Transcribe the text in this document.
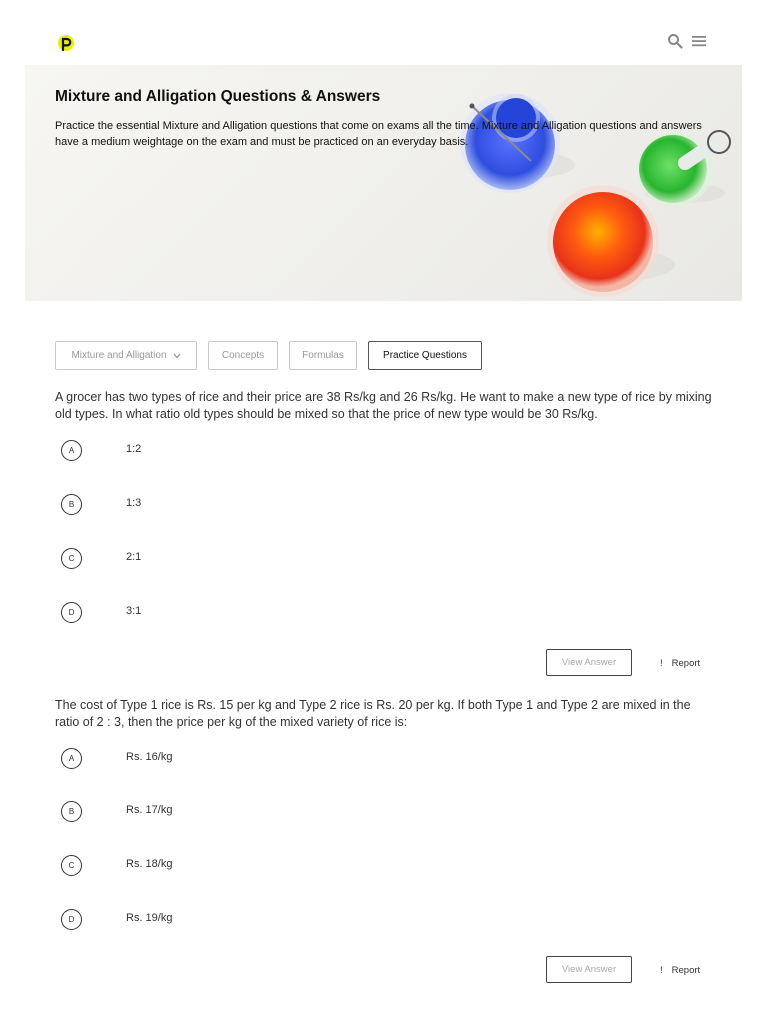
Mixture and Alligation Questions & Answers
Practice the essential Mixture and Alligation questions that come on exams all the time. Mixture and Alligation questions and answers have a medium weightage on the exam and must be practiced on an everyday basis.
Mixture and Alligation	Concepts	Formulas	Practice Questions
A grocer has two types of rice and their price are 38 Rs/kg and 26 Rs/kg. He want to make a new type of rice by mixing old types. In what ratio old types should be mixed so that the price of new type would be 30 Rs/kg.
A	1:2
B	1:3
C	2:1
D	3:1
View Answer	! Report
The cost of Type 1 rice is Rs. 15 per kg and Type 2 rice is Rs. 20 per kg. If both Type 1 and Type 2 are mixed in the ratio of 2 : 3, then the price per kg of the mixed variety of rice is:
A	Rs. 16/kg
B	Rs. 17/kg
C	Rs. 18/kg
D	Rs. 19/kg
View Answer	! Report
